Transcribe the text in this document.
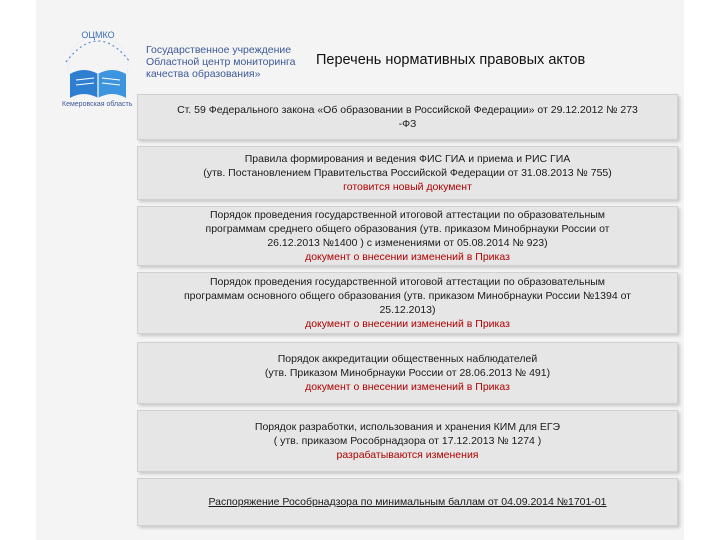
ОЦМКО
Государственное учреждение
Областной центр мониторинга
качества образования»
Кемеровская область
Перечень нормативных правовых актов
Ст. 59 Федерального закона «Об образовании в Российской Федерации» от 29.12.2012 № 273
-ФЗ
Правила формирования и ведения ФИС ГИА и приема и РИС ГИА
(утв. Постановлением Правительства Российской Федерации от 31.08.2013 № 755)
готовится новый документ
Порядок проведения государственной итоговой аттестации по образовательным
программам среднего общего образования (утв. приказом Минобрнауки России от
26.12.2013 №1400 ) с изменениями от 05.08.2014 № 923)
документ о внесении изменений в Приказ
Порядок проведения государственной итоговой аттестации по образовательным
программам основного общего образования (утв. приказом Минобрнауки России №1394 от
25.12.2013)
документ о внесении изменений в Приказ
Порядок аккредитации общественных наблюдателей
(утв. Приказом Минобрнауки России от 28.06.2013 № 491)
документ о внесении изменений в Приказ
Порядок разработки, использования и хранения КИМ для ЕГЭ
( утв. приказом Рособрнадзора от 17.12.2013 № 1274 )
разрабатываются изменения
Распоряжение Рособрнадзора по минимальным баллам от 04.09.2014 №1701-01
